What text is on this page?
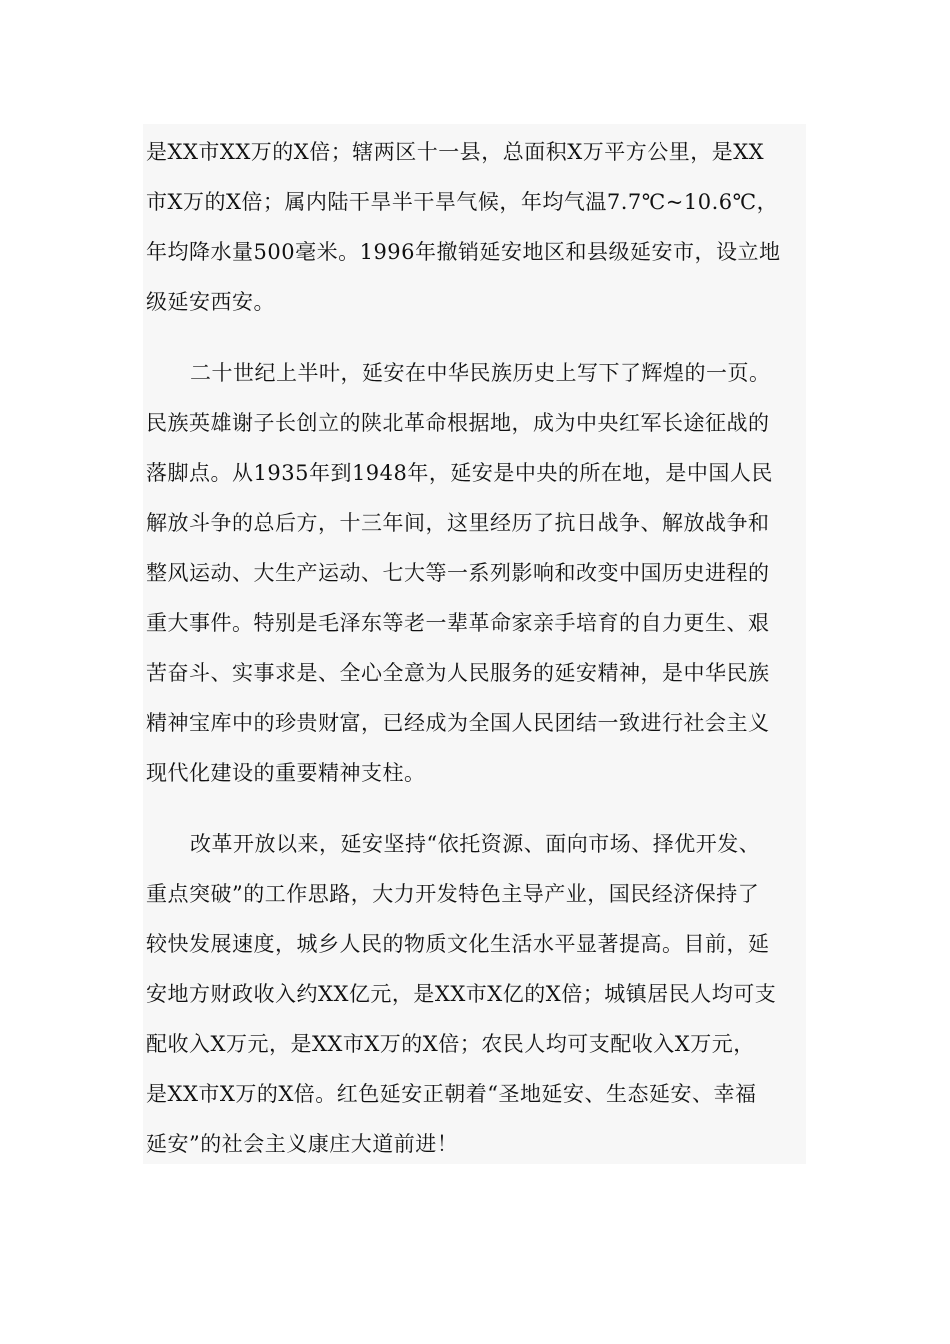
是XX市XX万的X倍；辖两区十一县，总面积X万平方公里，是XX
市X万的X倍；属内陆干旱半干旱气候，年均气温7.7℃~10.6℃，
年均降水量500毫米。1996年撤销延安地区和县级延安市，设立地
级延安西安。
二十世纪上半叶，延安在中华民族历史上写下了辉煌的一页。
民族英雄谢子长创立的陕北革命根据地，成为中央红军长途征战的
落脚点。从1935年到1948年，延安是中央的所在地，是中国人民
解放斗争的总后方，十三年间，这里经历了抗日战争、解放战争和
整风运动、大生产运动、七大等一系列影响和改变中国历史进程的
重大事件。特别是毛泽东等老一辈革命家亲手培育的自力更生、艰
苦奋斗、实事求是、全心全意为人民服务的延安精神，是中华民族
精神宝库中的珍贵财富，已经成为全国人民团结一致进行社会主义
现代化建设的重要精神支柱。
改革开放以来，延安坚持“依托资源、面向市场、择优开发、
重点突破”的工作思路，大力开发特色主导产业，国民经济保持了
较快发展速度，城乡人民的物质文化生活水平显著提高。目前，延
安地方财政收入约XX亿元，是XX市X亿的X倍；城镇居民人均可支
配收入X万元，是XX市X万的X倍；农民人均可支配收入X万元，
是XX市X万的X倍。红色延安正朝着“圣地延安、生态延安、幸福
延安”的社会主义康庄大道前进！
